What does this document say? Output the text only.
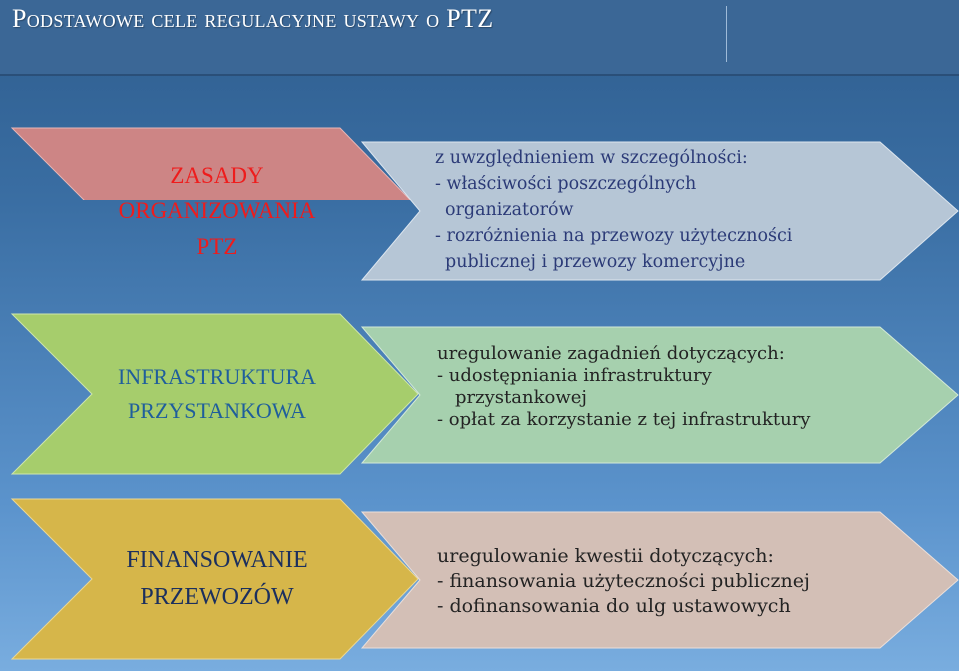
Podstawowe cele regulacyjne ustawy o PTZ
ZASADY
ORGANIZOWANIA
PTZ
z uwzględnieniem w szczególności:
- właściwości poszczególnych
organizatorów
- rozróżnienia na przewozy użyteczności
publicznej i przewozy komercyjne
INFRASTRUKTURA
PRZYSTANKOWA
uregulowanie zagadnień dotyczących:
- udostępniania infrastruktury
przystankowej
- opłat za korzystanie z tej infrastruktury
FINANSOWANIE
PRZEWOZÓW
uregulowanie kwestii dotyczących:
- finansowania użyteczności publicznej
- dofinansowania do ulg ustawowych
